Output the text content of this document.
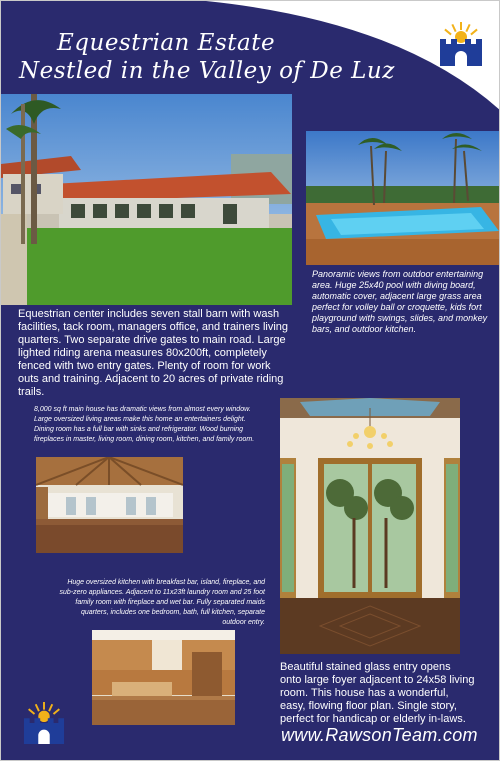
Equestrian Estate
Nestled in the Valley of De Luz
Equestrian center includes seven stall barn with wash facilities, tack room, managers office, and trainers living quarters. Two separate drive gates to main road. Large lighted riding arena measures 80x200ft, completely fenced with two entry gates. Plenty of room for work outs and training. Adjacent to 20 acres of private riding trails.
Panoramic views from outdoor entertaining area. Huge 25x40 pool with diving board, automatic cover, adjacent large grass area perfect for volley ball or croquette, kids fort playground with swings, slides, and monkey bars, and outdoor kitchen.
8,000 sq ft main house has dramatic views from almost every window. Large oversized living areas make this home an entertainers delight. Dining room has a full bar with sinks and refrigerator. Wood burning fireplaces in master, living room, dining room, kitchen, and family room.
Huge oversized kitchen with breakfast bar, island, fireplace, and sub-zero appliances. Adjacent to 11x23ft laundry room and 25 foot family room with fireplace and wet bar. Fully separated maids quarters, includes one bedroom, bath, full kitchen, separate outdoor entry.
Beautiful stained glass entry opens onto large foyer adjacent to 24x58 living room. This house has a wonderful, easy, flowing floor plan. Single story, perfect for handicap or elderly in-laws.
www.RawsonTeam.com
